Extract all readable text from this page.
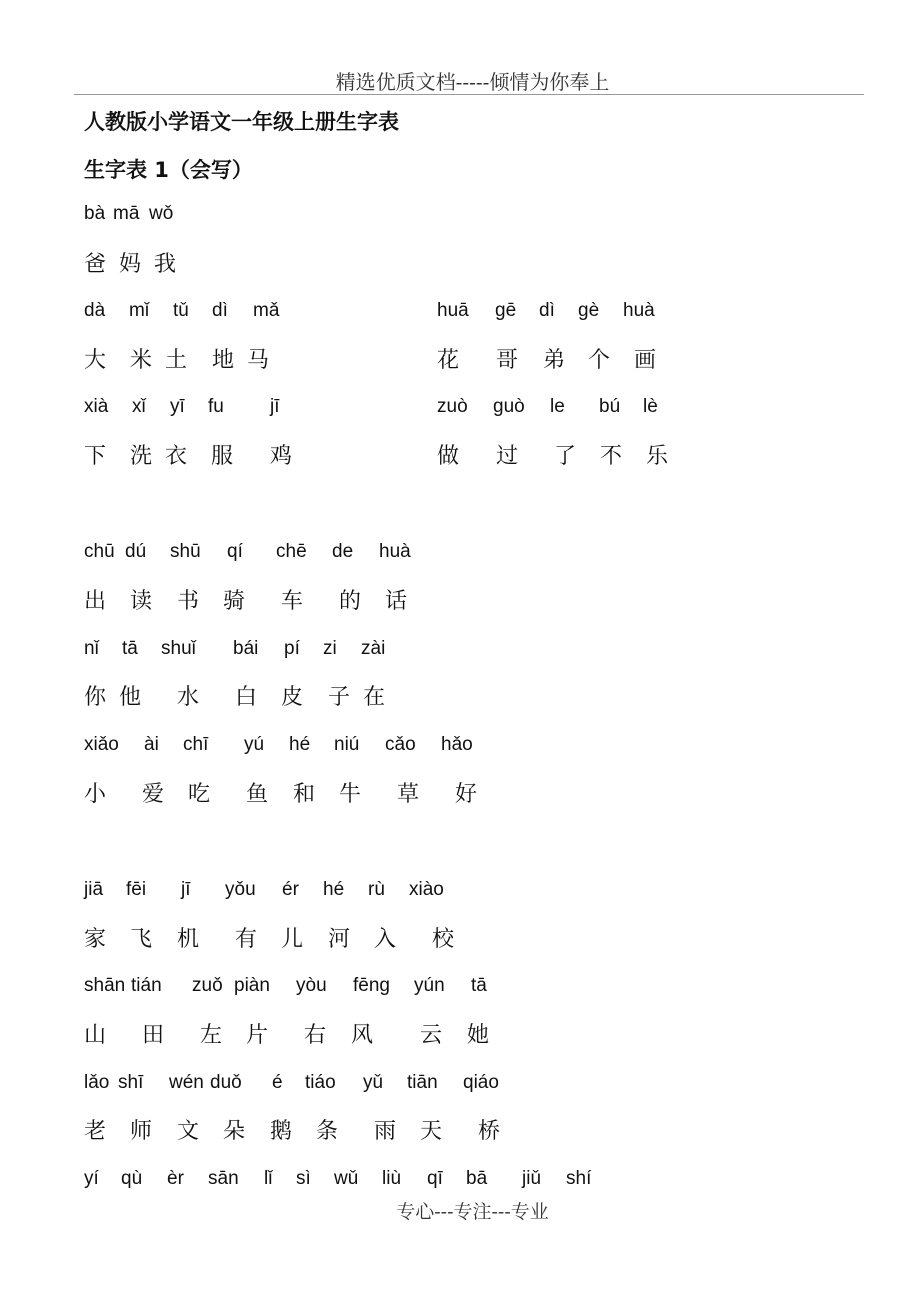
精选优质文档-----倾情为你奉上
人教版小学语文一年级上册生字表
生字表 1（会写）
bà mā wǒ
爸 妈 我
dà mǐ tǔ dì mǎ
大 米 土 地 马
huā gē dì gè huà
花 哥 弟 个 画
xià xǐ yī fu jī
下 洗 衣 服 鸡
zuò guò le bú lè
做 过 了 不 乐
chū dú shū qí chē de huà
出 读 书 骑 车 的 话
nǐ tā shuǐ bái pí zi zài
你 他 水 白 皮 子 在
xiǎo ài chī yú hé niú cǎo hǎo
小 爱 吃 鱼 和 牛 草 好
jiā fēi jī yǒu ér hé rù xiào
家 飞 机 有 儿 河 入 校
shān tián zuǒ piàn yòu fēng yún tā
山 田 左 片 右 风 云 她
lǎo shī wén duǒ é tiáo yǔ tiān qiáo
老 师 文 朵 鹅 条 雨 天 桥
yí qù èr sān lǐ sì wǔ liù qī bā jiǔ shí
专心---专注---专业
